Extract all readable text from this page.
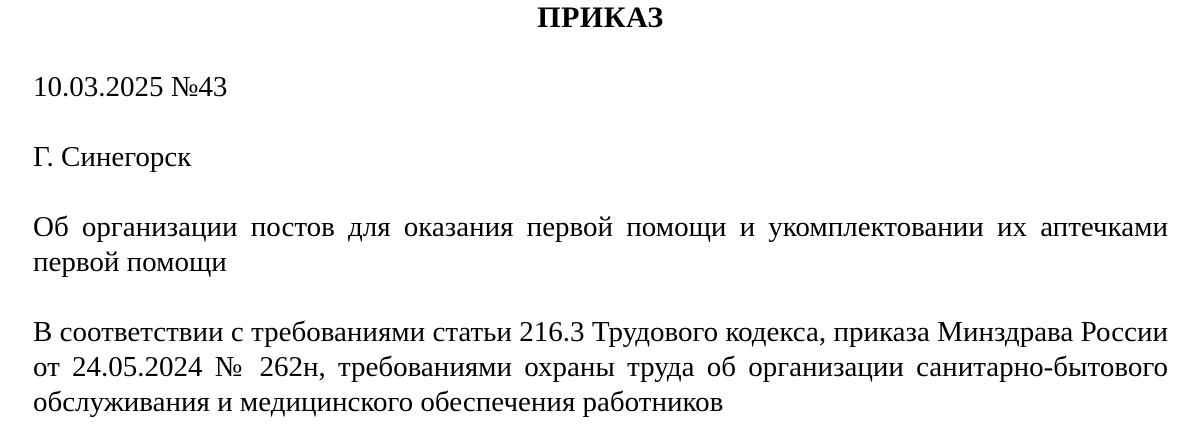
ПРИКАЗ

10.03.2025 №43

Г. Синегорск

Об организации постов для оказания первой помощи и укомплектовании их аптечками первой помощи

В соответствии с требованиями статьи 216.3 Трудового кодекса, приказа Минздрава России от 24.05.2024 № 262н, требованиями охраны труда об организации санитарно-бытового обслуживания и медицинского обеспечения работников
